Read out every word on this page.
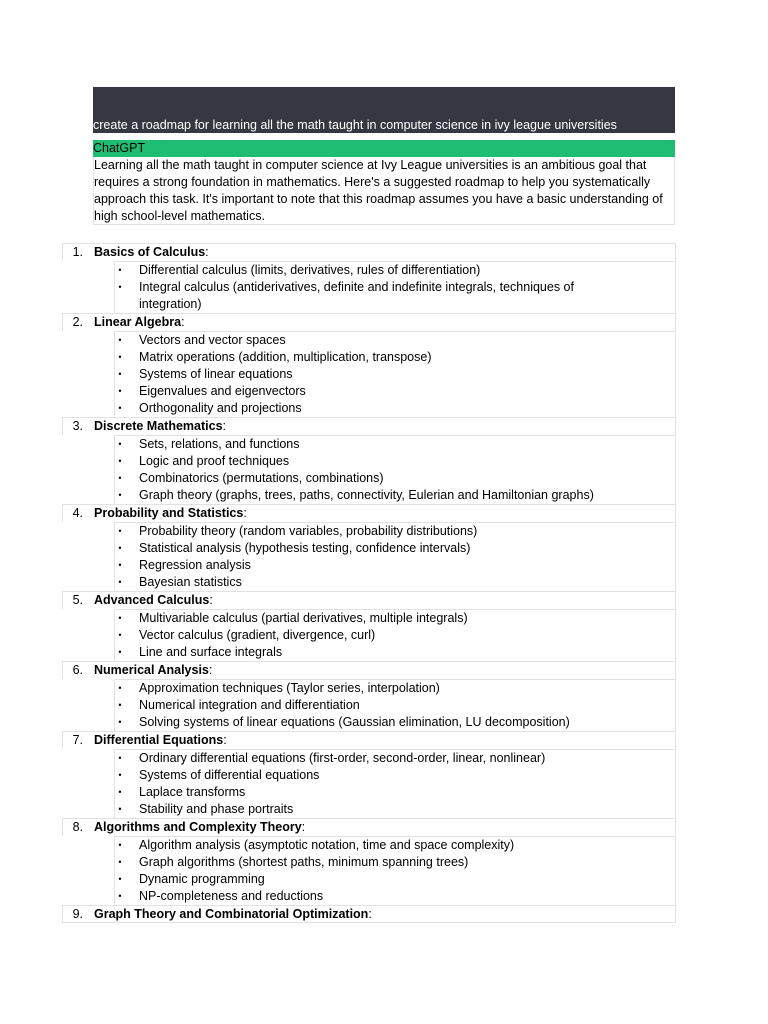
create a roadmap for learning all the math taught in computer science in ivy league universities
ChatGPT
Learning all the math taught in computer science at Ivy League universities is an ambitious goal that requires a strong foundation in mathematics. Here's a suggested roadmap to help you systematically approach this task. It's important to note that this roadmap assumes you have a basic understanding of high school-level mathematics.
1. Basics of Calculus:
• Differential calculus (limits, derivatives, rules of differentiation)
• Integral calculus (antiderivatives, definite and indefinite integrals, techniques of integration)
2. Linear Algebra:
• Vectors and vector spaces
• Matrix operations (addition, multiplication, transpose)
• Systems of linear equations
• Eigenvalues and eigenvectors
• Orthogonality and projections
3. Discrete Mathematics:
• Sets, relations, and functions
• Logic and proof techniques
• Combinatorics (permutations, combinations)
• Graph theory (graphs, trees, paths, connectivity, Eulerian and Hamiltonian graphs)
4. Probability and Statistics:
• Probability theory (random variables, probability distributions)
• Statistical analysis (hypothesis testing, confidence intervals)
• Regression analysis
• Bayesian statistics
5. Advanced Calculus:
• Multivariable calculus (partial derivatives, multiple integrals)
• Vector calculus (gradient, divergence, curl)
• Line and surface integrals
6. Numerical Analysis:
• Approximation techniques (Taylor series, interpolation)
• Numerical integration and differentiation
• Solving systems of linear equations (Gaussian elimination, LU decomposition)
7. Differential Equations:
• Ordinary differential equations (first-order, second-order, linear, nonlinear)
• Systems of differential equations
• Laplace transforms
• Stability and phase portraits
8. Algorithms and Complexity Theory:
• Algorithm analysis (asymptotic notation, time and space complexity)
• Graph algorithms (shortest paths, minimum spanning trees)
• Dynamic programming
• NP-completeness and reductions
9. Graph Theory and Combinatorial Optimization:
